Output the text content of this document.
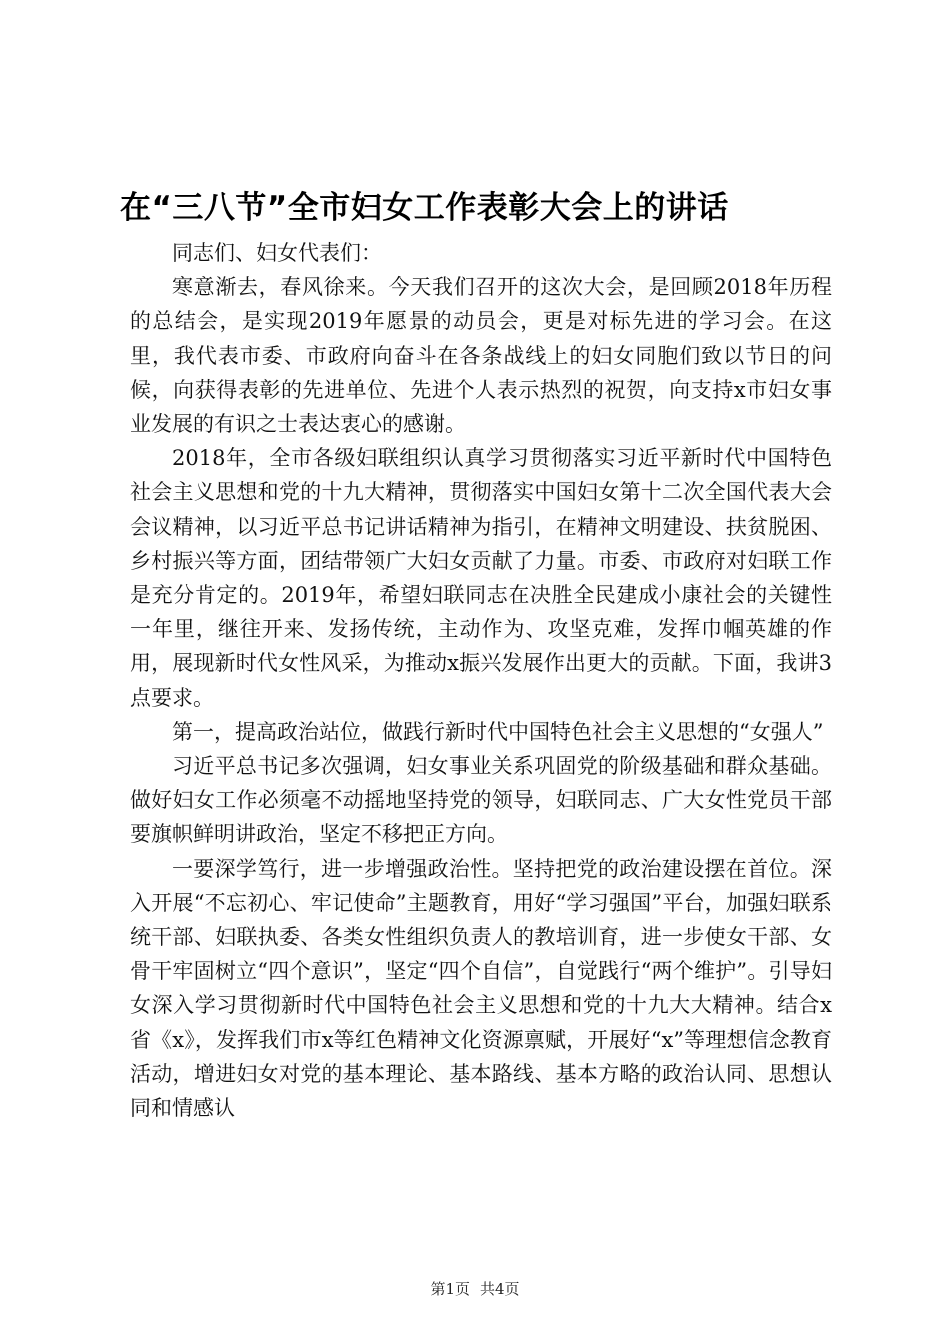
在“三八节”全市妇女工作表彰大会上的讲话

同志们、妇女代表们：

寒意渐去，春风徐来。今天我们召开的这次大会，是回顾2018年历程的总结会，是实现2019年愿景的动员会，更是对标先进的学习会。在这里，我代表市委、市政府向奋斗在各条战线上的妇女同胞们致以节日的问候，向获得表彰的先进单位、先进个人表示热烈的祝贺，向支持x市妇女事业发展的有识之士表达衷心的感谢。

2018年，全市各级妇联组织认真学习贯彻落实习近平新时代中国特色社会主义思想和党的十九大精神，贯彻落实中国妇女第十二次全国代表大会会议精神，以习近平总书记讲话精神为指引，在精神文明建设、扶贫脱困、乡村振兴等方面，团结带领广大妇女贡献了力量。市委、市政府对妇联工作是充分肯定的。2019年，希望妇联同志在决胜全民建成小康社会的关键性一年里，继往开来、发扬传统，主动作为、攻坚克难，发挥巾帼英雄的作用，展现新时代女性风采，为推动x振兴发展作出更大的贡献。下面，我讲3点要求。

第一，提高政治站位，做践行新时代中国特色社会主义思想的“女强人”

习近平总书记多次强调，妇女事业关系巩固党的阶级基础和群众基础。做好妇女工作必须毫不动摇地坚持党的领导，妇联同志、广大女性党员干部要旗帜鲜明讲政治，坚定不移把正方向。

一要深学笃行，进一步增强政治性。坚持把党的政治建设摆在首位。深入开展“不忘初心、牢记使命”主题教育，用好“学习强国”平台，加强妇联系统干部、妇联执委、各类女性组织负责人的教培训育，进一步使女干部、女骨干牢固树立“四个意识”，坚定“四个自信”，自觉践行“两个维护”。引导妇女深入学习贯彻新时代中国特色社会主义思想和党的十九大大精神。结合x省《x》，发挥我们市x等红色精神文化资源禀赋，开展好“x”等理想信念教育活动，增进妇女对党的基本理论、基本路线、基本方略的政治认同、思想认同和情感认

第1页 共4页
